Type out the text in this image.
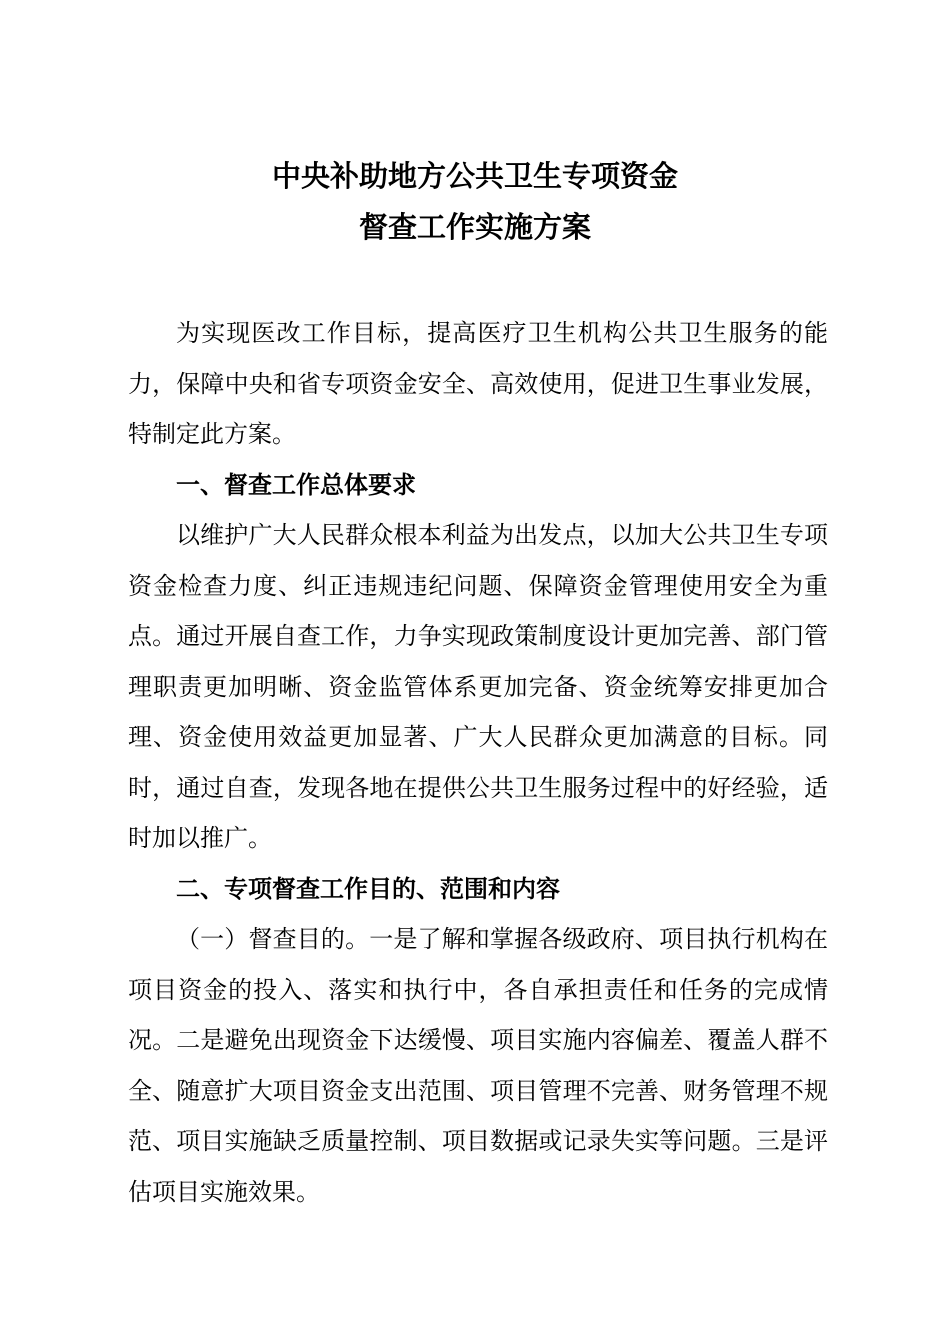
中央补助地方公共卫生专项资金
督查工作实施方案

为实现医改工作目标，提高医疗卫生机构公共卫生服务的能力，保障中央和省专项资金安全、高效使用，促进卫生事业发展，特制定此方案。

一、督查工作总体要求

以维护广大人民群众根本利益为出发点，以加大公共卫生专项资金检查力度、纠正违规违纪问题、保障资金管理使用安全为重点。通过开展自查工作，力争实现政策制度设计更加完善、部门管理职责更加明晰、资金监管体系更加完备、资金统筹安排更加合理、资金使用效益更加显著、广大人民群众更加满意的目标。同时，通过自查，发现各地在提供公共卫生服务过程中的好经验，适时加以推广。

二、专项督查工作目的、范围和内容

（一）督查目的。一是了解和掌握各级政府、项目执行机构在项目资金的投入、落实和执行中，各自承担责任和任务的完成情况。二是避免出现资金下达缓慢、项目实施内容偏差、覆盖人群不全、随意扩大项目资金支出范围、项目管理不完善、财务管理不规范、项目实施缺乏质量控制、项目数据或记录失实等问题。三是评估项目实施效果。
